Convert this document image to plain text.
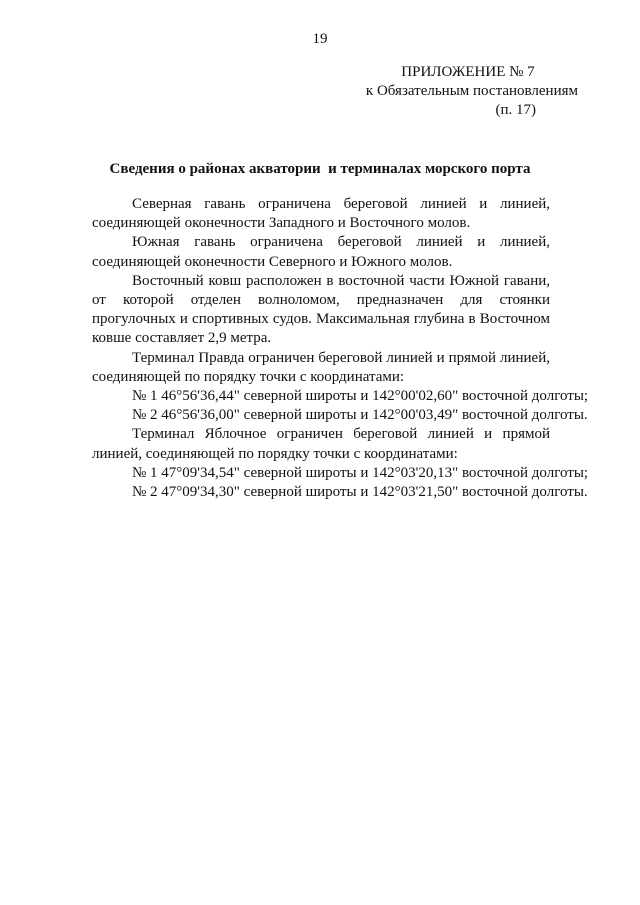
19
ПРИЛОЖЕНИЕ № 7
к Обязательным постановлениям
(п. 17)
Сведения о районах акватории  и терминалах морского порта

Северная гавань ограничена береговой линией и линией, соединяющей оконечности Западного и Восточного молов.

Южная гавань ограничена береговой линией и линией, соединяющей оконечности Северного и Южного молов.

Восточный ковш расположен в восточной части Южной гавани, от которой отделен волноломом, предназначен для стоянки  прогулочных и спортивных судов. Максимальная глубина в Восточном ковше составляет 2,9 метра.

Терминал Правда ограничен береговой линией и прямой линией, соединяющей по порядку точки с координатами:

№ 1 46°56'36,44" северной широты и 142°00'02,60" восточной долготы;

№ 2 46°56'36,00" северной широты и 142°00'03,49" восточной долготы.

Терминал Яблочное ограничен береговой линией и прямой линией, соединяющей по порядку точки с координатами:

№ 1 47°09'34,54" северной широты и 142°03'20,13" восточной долготы;

№ 2 47°09'34,30" северной широты и 142°03'21,50" восточной долготы.
